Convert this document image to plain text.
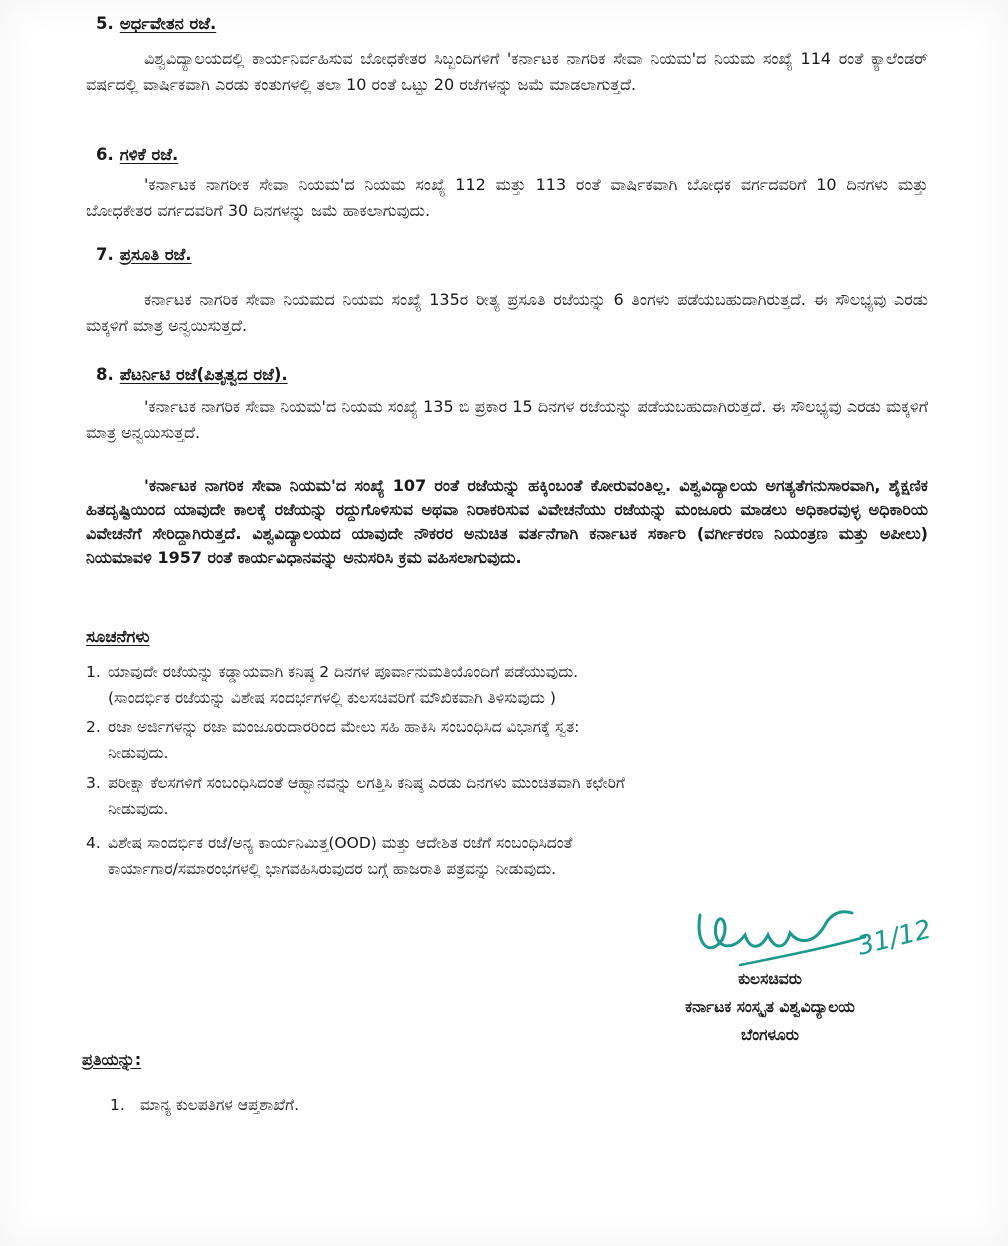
5. ಅರ್ಧವೇತನ ರಜೆ.
ವಿಶ್ವವಿದ್ಯಾಲಯದಲ್ಲಿ ಕಾರ್ಯನಿರ್ವಹಿಸುವ ಬೋಧಕೇತರ ಸಿಬ್ಬಂದಿಗಳಿಗೆ 'ಕರ್ನಾಟಕ ನಾಗರಿಕ ಸೇವಾ ನಿಯಮ'ದ ನಿಯಮ ಸಂಖ್ಯೆ 114 ರಂತೆ ಕ್ಯಾಲೆಂಡರ್ ವರ್ಷದಲ್ಲಿ ವಾರ್ಷಿಕವಾಗಿ ಎರಡು ಕಂತುಗಳಲ್ಲಿ ತಲಾ 10 ರಂತೆ ಒಟ್ಟು 20 ರಜೆಗಳನ್ನು ಜಮೆ ಮಾಡಲಾಗುತ್ತದೆ.
6. ಗಳಿಕೆ ರಜೆ.
'ಕರ್ನಾಟಕ ನಾಗರೀಕ ಸೇವಾ ನಿಯಮ'ದ ನಿಯಮ ಸಂಖ್ಯೆ 112 ಮತ್ತು 113 ರಂತೆ ವಾರ್ಷಿಕವಾಗಿ ಬೋಧಕ ವರ್ಗದವರಿಗೆ 10 ದಿನಗಳು ಮತ್ತು ಬೋಧಕೇತರ ವರ್ಗದವರಿಗೆ 30 ದಿನಗಳನ್ನು ಜಮೆ ಹಾಕಲಾಗುವುದು.
7. ಪ್ರಸೂತಿ ರಜೆ.
ಕರ್ನಾಟಕ ನಾಗರಿಕ ಸೇವಾ ನಿಯಮದ ನಿಯಮ ಸಂಖ್ಯೆ 135ರ ರೀತ್ಯ ಪ್ರಸೂತಿ ರಜೆಯನ್ನು 6 ತಿಂಗಳು ಪಡೆಯಬಹುದಾಗಿರುತ್ತದೆ. ಈ ಸೌಲಭ್ಯವು ಎರಡು ಮಕ್ಕಳಿಗೆ ಮಾತ್ರ ಅನ್ವಯಿಸುತ್ತದೆ.
8. ಪೆಟರ್ನಿಟಿ ರಜೆ(ಪಿತೃತ್ವದ ರಜೆ).
'ಕರ್ನಾಟಕ ನಾಗರಿಕ ಸೇವಾ ನಿಯಮ'ದ ನಿಯಮ ಸಂಖ್ಯೆ 135 ಬಿ ಪ್ರಕಾರ 15 ದಿನಗಳ ರಜೆಯನ್ನು ಪಡೆಯಬಹುದಾಗಿರುತ್ತದೆ. ಈ ಸೌಲಭ್ಯವು ಎರಡು ಮಕ್ಕಳಿಗೆ ಮಾತ್ರ ಅನ್ವಯಿಸುತ್ತದೆ.
'ಕರ್ನಾಟಕ ನಾಗರಿಕ ಸೇವಾ ನಿಯಮ'ದ ಸಂಖ್ಯೆ 107 ರಂತೆ ರಜೆಯನ್ನು ಹಕ್ಕಿಂಬಂತೆ ಕೋರುವಂತಿಲ್ಲ. ವಿಶ್ವವಿದ್ಯಾಲಯ ಅಗತ್ಯತೆಗನುಸಾರವಾಗಿ, ಶೈಕ್ಷಣಿಕ ಹಿತದೃಷ್ಟಿಯಿಂದ ಯಾವುದೇ ಕಾಲಕ್ಕೆ ರಜೆಯನ್ನು ರದ್ದುಗೊಳಿಸುವ ಅಥವಾ ನಿರಾಕರಿಸುವ ವಿವೇಚನೆಯು ರಜೆಯನ್ನು ಮಂಜೂರು ಮಾಡಲು ಅಧಿಕಾರವುಳ್ಳ ಅಧಿಕಾರಿಯ ವಿವೇಚನೆಗೆ ಸೇರಿದ್ದಾಗಿರುತ್ತದೆ. ವಿಶ್ವವಿದ್ಯಾಲಯದ ಯಾವುದೇ ನೌಕರರ ಅನುಚಿತ ವರ್ತನೆಗಾಗಿ ಕರ್ನಾಟಕ ಸರ್ಕಾರಿ (ವರ್ಗೀಕರಣ ನಿಯಂತ್ರಣ ಮತ್ತು ಅಪೀಲು) ನಿಯಮಾವಳಿ 1957 ರಂತೆ ಕಾರ್ಯವಿಧಾನವನ್ನು ಅನುಸರಿಸಿ ಕ್ರಮ ವಹಿಸಲಾಗುವುದು.
ಸೂಚನೆಗಳು
1. ಯಾವುದೇ ರಜೆಯನ್ನು ಕಡ್ಡಾಯವಾಗಿ ಕನಿಷ್ಠ 2 ದಿನಗಳ ಪೂರ್ವಾನುಮತಿಯೊಂದಿಗೆ ಪಡೆಯುವುದು.
(ಸಾಂದರ್ಭಿಕ ರಜೆಯನ್ನು ವಿಶೇಷ ಸಂದರ್ಭಗಳಲ್ಲಿ ಕುಲಸಚಿವರಿಗೆ ಮೌಖಿಕವಾಗಿ ತಿಳಿಸುವುದು )
2. ರಜಾ ಅರ್ಜಿಗಳನ್ನು ರಜಾ ಮಂಜೂರುದಾರರಿಂದ ಮೇಲು ಸಹಿ ಹಾಕಿಸಿ ಸಂಬಂಧಿಸಿದ ವಿಭಾಗಕ್ಕೆ ಸ್ವತ:
ನೀಡುವುದು.
3. ಪರೀಕ್ಷಾ ಕೆಲಸಗಳಿಗೆ ಸಂಬಂಧಿಸಿದಂತೆ ಆಹ್ವಾನವನ್ನು ಲಗತ್ತಿಸಿ ಕನಿಷ್ಠ ಎರಡು ದಿನಗಳು ಮುಂಚಿತವಾಗಿ ಕಛೇರಿಗೆ
ನೀಡುವುದು.
4. ವಿಶೇಷ ಸಾಂದರ್ಭಿಕ ರಜೆ/ಅನ್ಯ ಕಾರ್ಯನಿಮಿತ್ತ(OOD) ಮತ್ತು ಆದೇಶಿತ ರಜೆಗೆ ಸಂಬಂಧಿಸಿದಂತೆ
ಕಾರ್ಯಾಗಾರ/ಸಮಾರಂಭಗಳಲ್ಲಿ ಭಾಗವಹಿಸಿರುವುದರ ಬಗ್ಗೆ ಹಾಜರಾತಿ ಪತ್ರವನ್ನು ನೀಡುವುದು.
31/12
ಕುಲಸಚಿವರು
ಕರ್ನಾಟಕ ಸಂಸ್ಕೃತ ವಿಶ್ವವಿದ್ಯಾಲಯ
ಬೆಂಗಳೂರು
ಪ್ರತಿಯನ್ನು:
1. ಮಾನ್ಯ ಕುಲಪತಿಗಳ ಆಪ್ತಶಾಖೆಗೆ.
